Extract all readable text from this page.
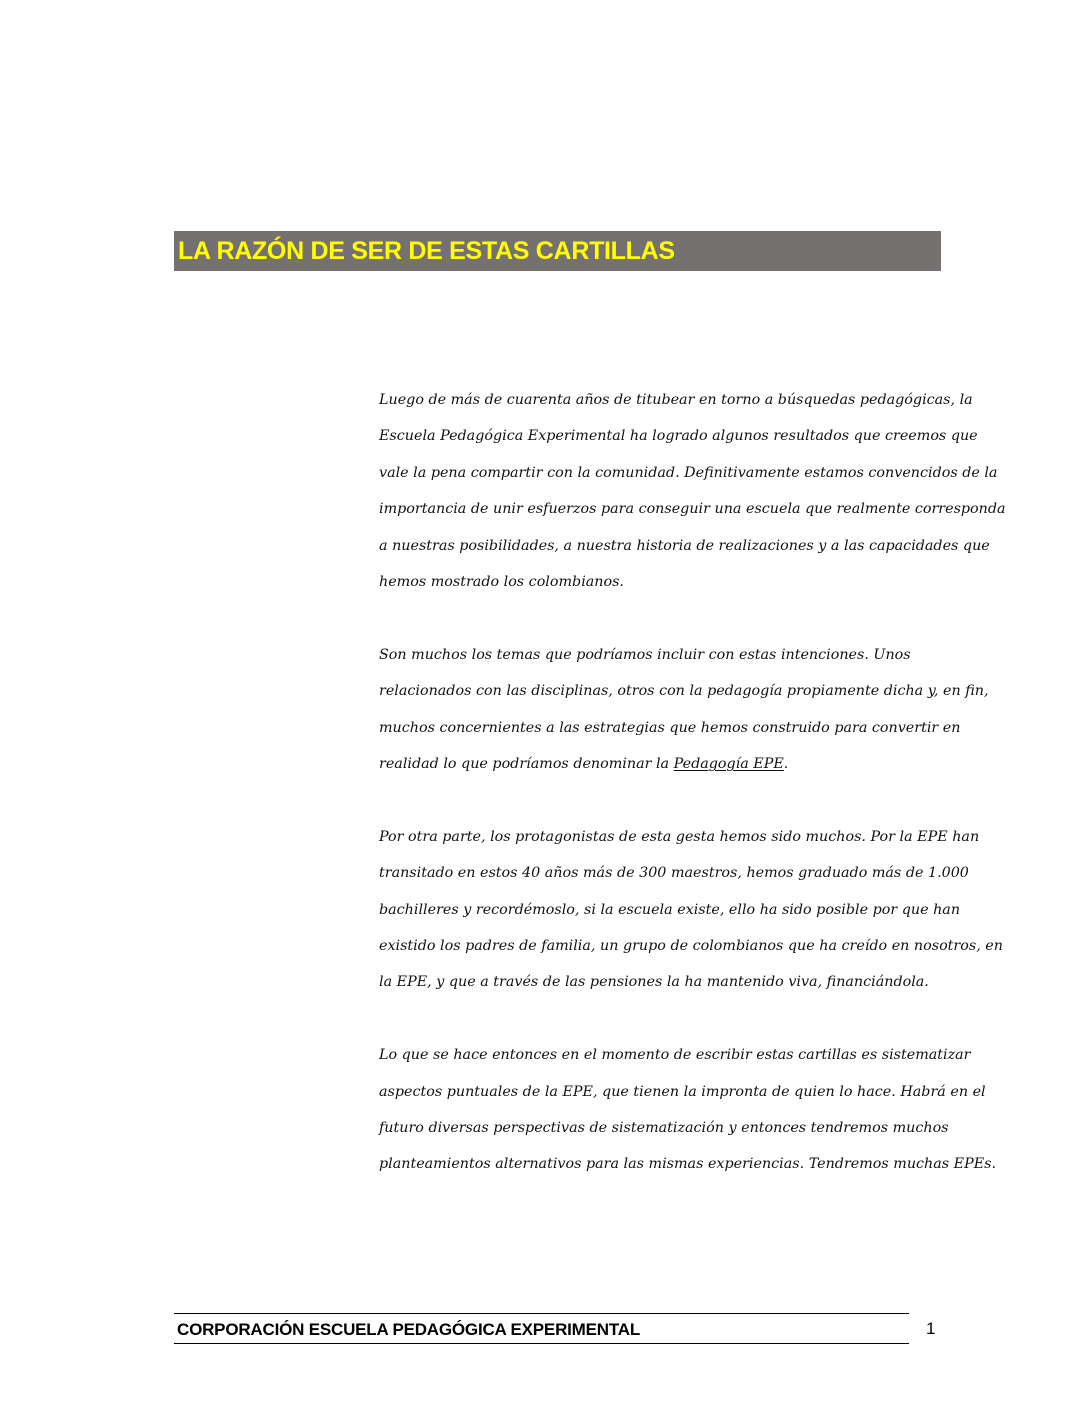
LA RAZÓN DE SER DE ESTAS CARTILLAS
Luego de más de cuarenta años de titubear en torno a búsquedas pedagógicas, la
Escuela Pedagógica Experimental ha logrado algunos resultados que creemos que
vale la pena compartir con la comunidad. Definitivamente estamos convencidos de la
importancia de unir esfuerzos para conseguir una escuela que realmente corresponda
a nuestras posibilidades, a nuestra historia de realizaciones y a las capacidades que
hemos mostrado los colombianos.
Son muchos los temas que podríamos incluir con estas intenciones. Unos
relacionados con las disciplinas, otros con la pedagogía propiamente dicha y, en fin,
muchos concernientes a las estrategias que hemos construido para convertir en
realidad lo que podríamos denominar la Pedagogía EPE.
Por otra parte, los protagonistas de esta gesta hemos sido muchos. Por la EPE han
transitado en estos 40 años más de 300 maestros, hemos graduado más de 1.000
bachilleres y recordémoslo, si la escuela existe, ello ha sido posible por que han
existido los padres de familia, un grupo de colombianos que ha creído en nosotros, en
la EPE, y que a través de las pensiones la ha mantenido viva, financiándola.
Lo que se hace entonces en el momento de escribir estas cartillas es sistematizar
aspectos puntuales de la EPE, que tienen la impronta de quien lo hace. Habrá en el
futuro diversas perspectivas de sistematización y entonces tendremos muchos
planteamientos alternativos para las mismas experiencias. Tendremos muchas EPEs.
CORPORACIÓN ESCUELA PEDAGÓGICA EXPERIMENTAL	1
